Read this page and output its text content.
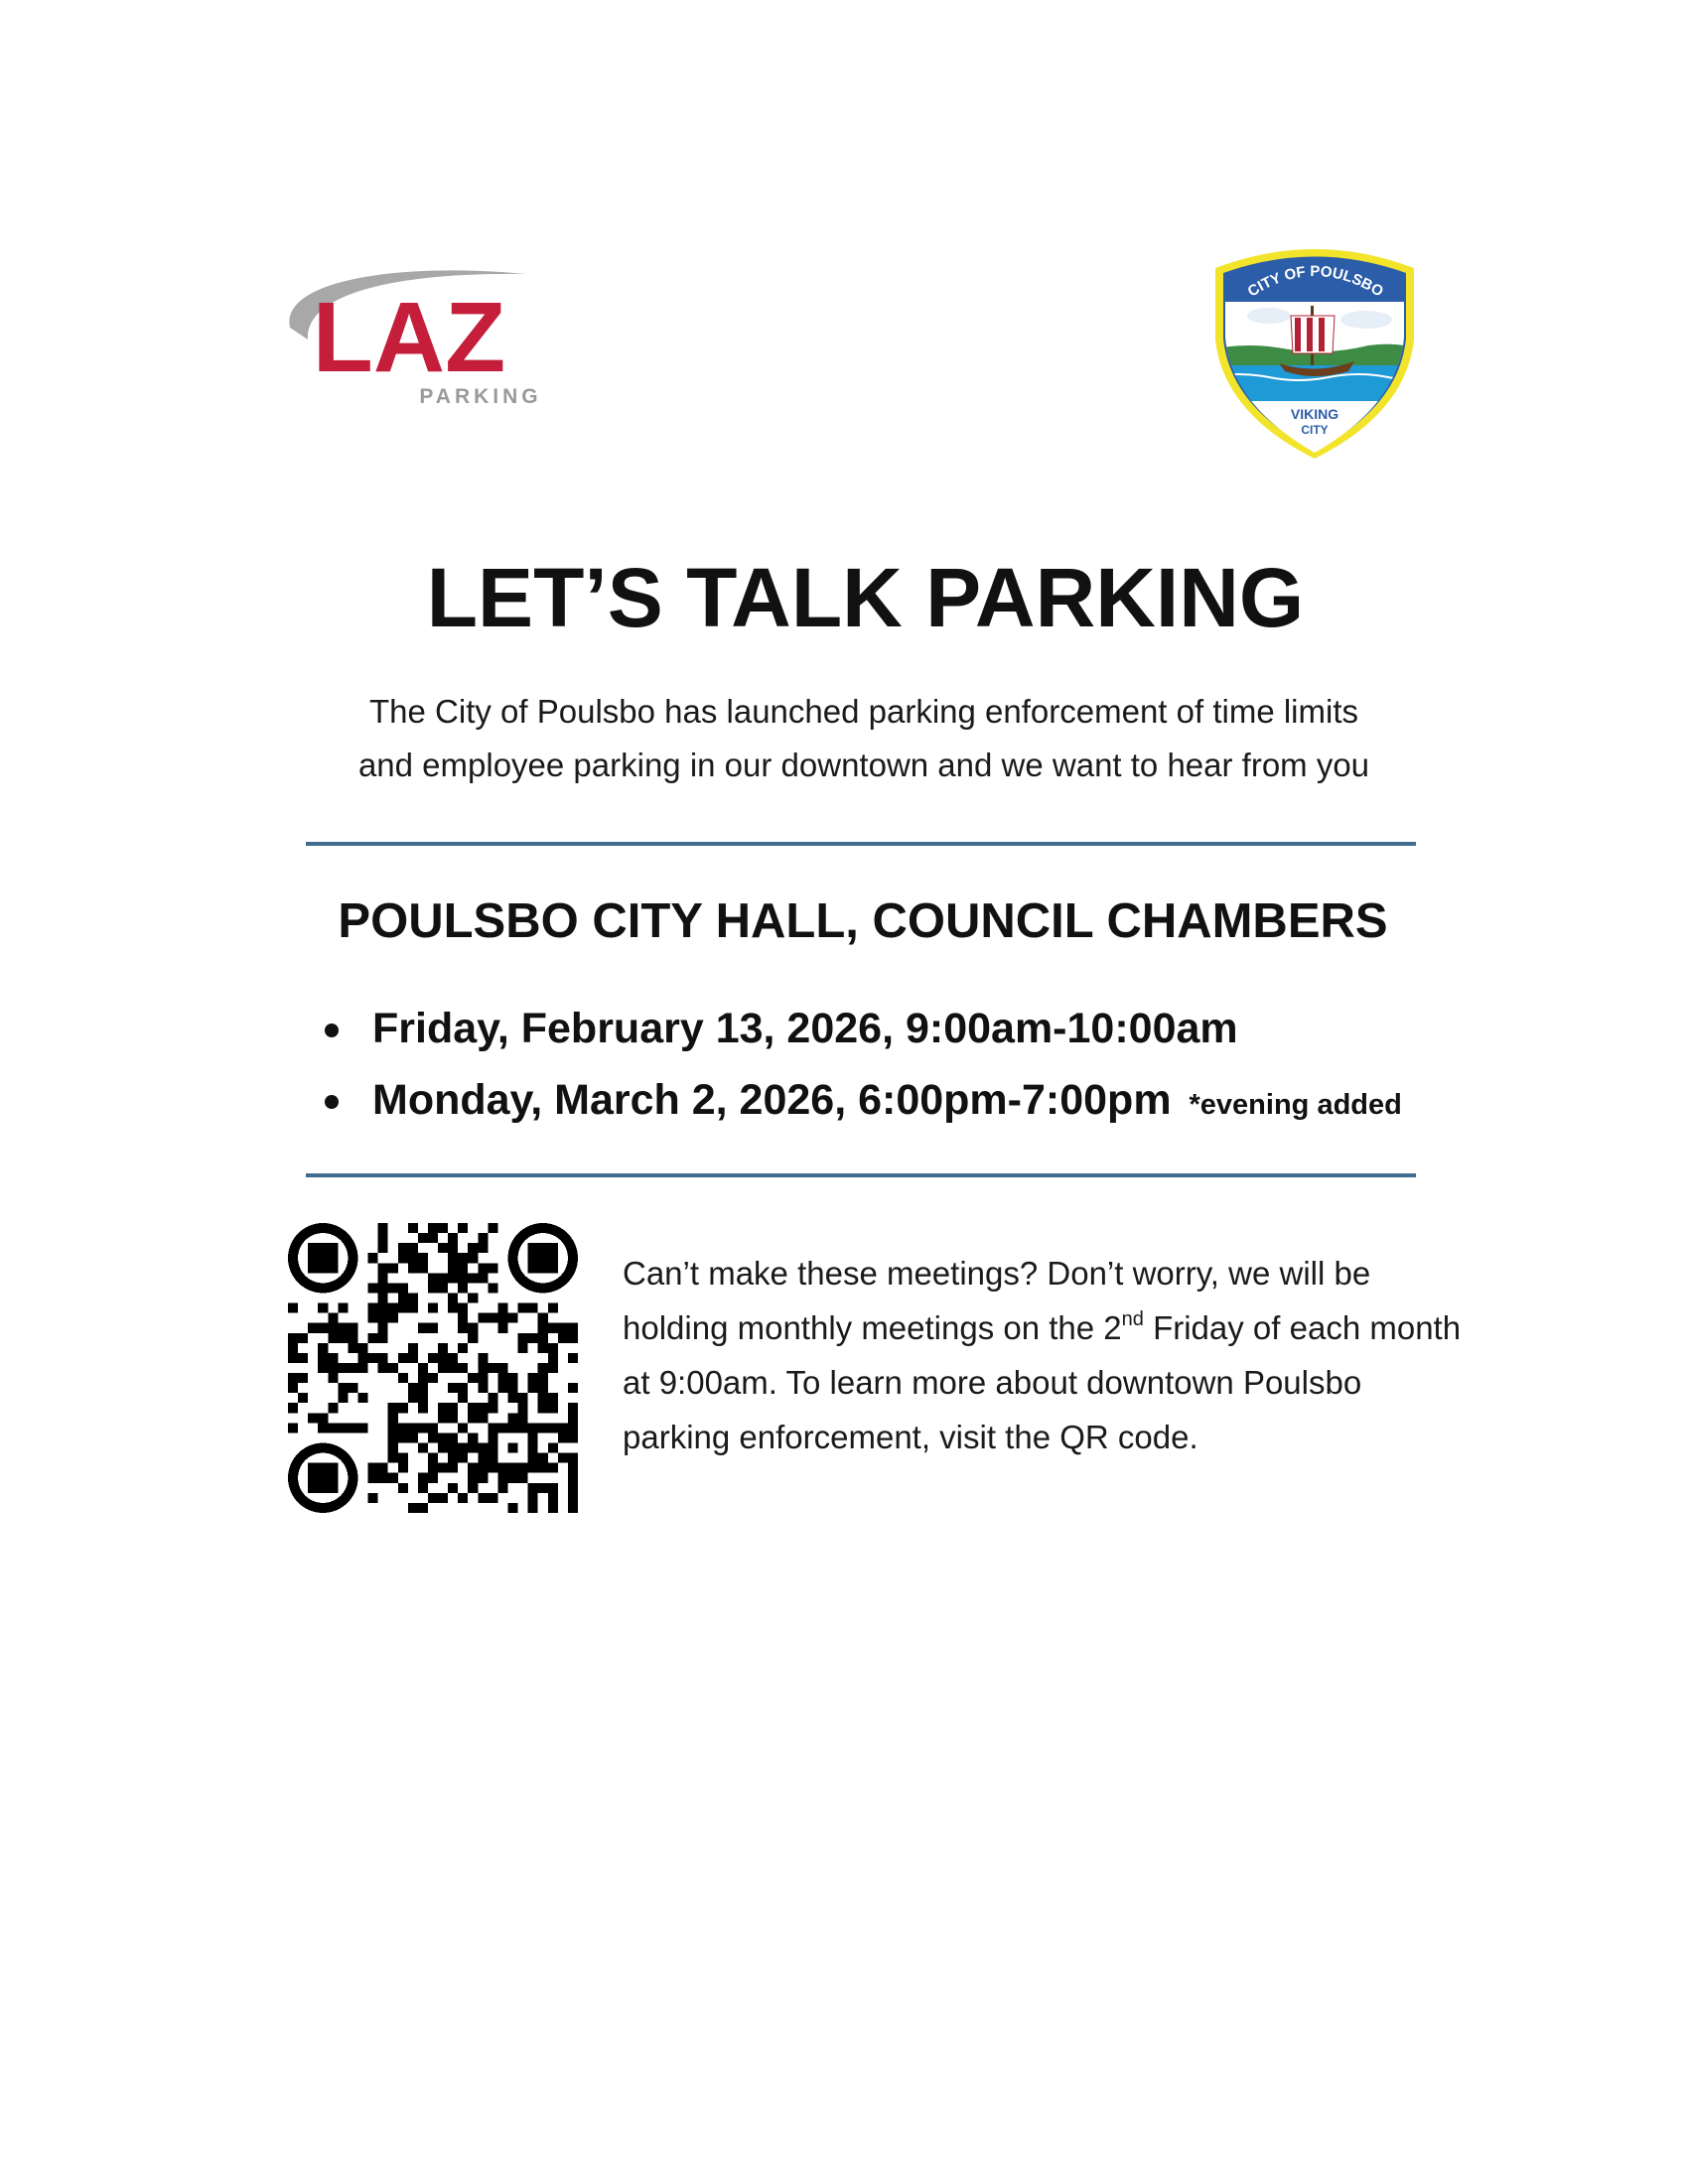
LAZ
PARKING
CITY OF POULSBO
VIKING
CITY
LET’S TALK PARKING
The City of Poulsbo has launched parking enforcement of time limits
and employee parking in our downtown and we want to hear from you
POULSBO CITY HALL, COUNCIL CHAMBERS
Friday, February 13, 2026, 9:00am-10:00am
Monday, March 2, 2026, 6:00pm-7:00pm *evening added
Can’t make these meetings? Don’t worry, we will be holding monthly meetings on the 2nd Friday of each month at 9:00am. To learn more about downtown Poulsbo parking enforcement, visit the QR code.
